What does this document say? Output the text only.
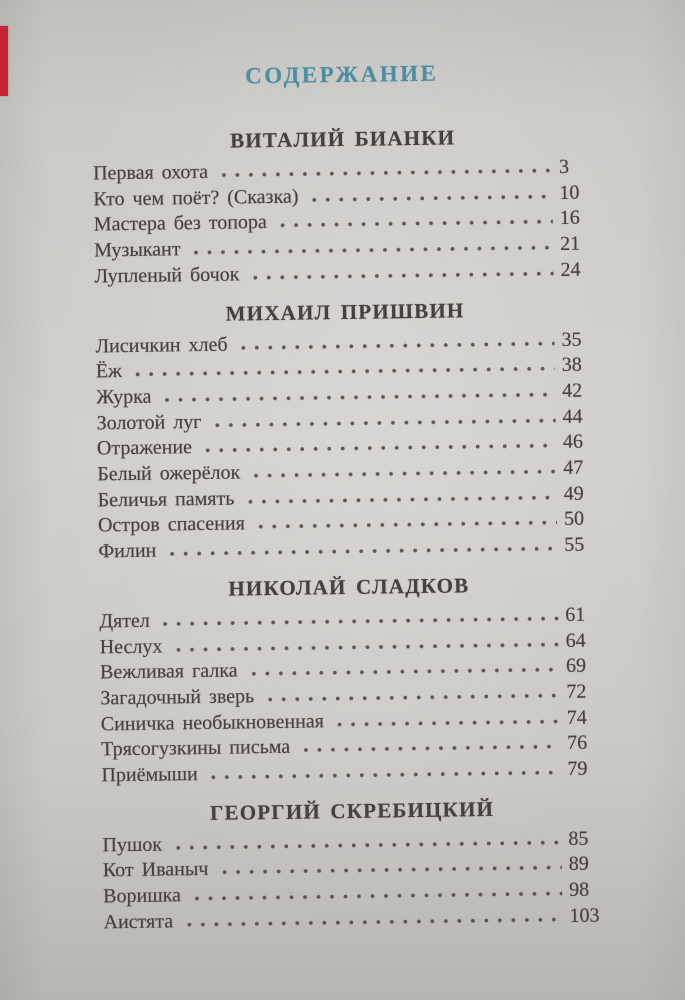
СОДЕРЖАНИЕ
ВИТАЛИЙ БИАНКИ
Первая охота	3
Кто чем поёт? (Сказка)	10
Мастера без топора	16
Музыкант	21
Лупленый бочок	24
МИХАИЛ ПРИШВИН
Лисичкин хлеб	35
Ёж	38
Журка	42
Золотой луг	44
Отражение	46
Белый ожерёлок	47
Беличья память	49
Остров спасения	50
Филин	55
НИКОЛАЙ СЛАДКОВ
Дятел	61
Неслух	64
Вежливая галка	69
Загадочный зверь	72
Синичка необыкновенная	74
Трясогузкины письма	76
Приёмыши	79
ГЕОРГИЙ СКРЕБИЦКИЙ
Пушок	85
Кот Иваныч	89
Воришка	98
Аистята	103
